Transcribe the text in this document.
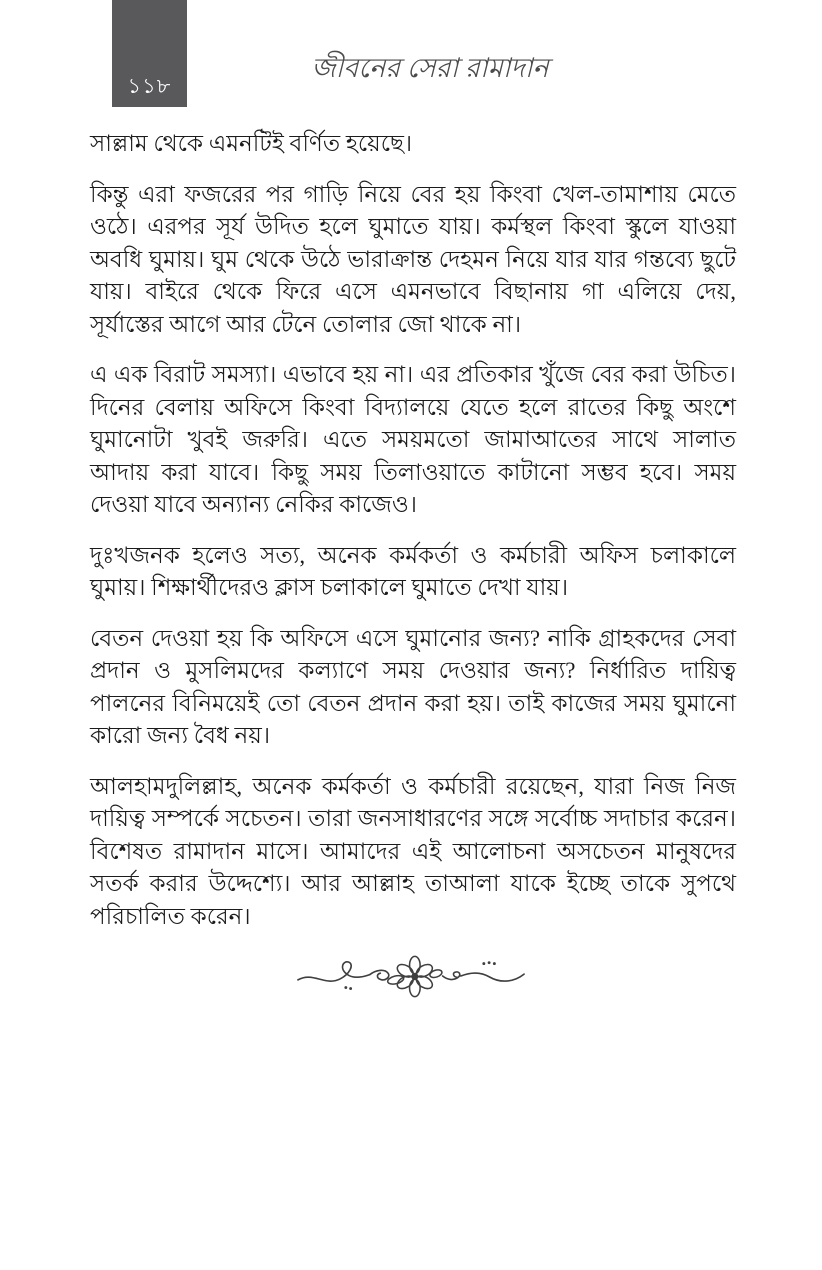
১১৮
জীবনের সেরা রামাদান

সাল্লাম থেকে এমনটিই বর্ণিত হয়েছে।

কিন্তু এরা ফজরের পর গাড়ি নিয়ে বের হয় কিংবা খেল-তামাশায় মেতে ওঠে। এরপর সূর্য উদিত হলে ঘুমাতে যায়। কর্মস্থল কিংবা স্কুলে যাওয়া অবধি ঘুমায়। ঘুম থেকে উঠে ভারাক্রান্ত দেহমন নিয়ে যার যার গন্তব্যে ছুটে যায়। বাইরে থেকে ফিরে এসে এমনভাবে বিছানায় গা এলিয়ে দেয়, সূর্যাস্তের আগে আর টেনে তোলার জো থাকে না।

এ এক বিরাট সমস্যা। এভাবে হয় না। এর প্রতিকার খুঁজে বের করা উচিত। দিনের বেলায় অফিসে কিংবা বিদ্যালয়ে যেতে হলে রাতের কিছু অংশে ঘুমানোটা খুবই জরুরি। এতে সময়মতো জামাআতের সাথে সালাত আদায় করা যাবে। কিছু সময় তিলাওয়াতে কাটানো সম্ভব হবে। সময় দেওয়া যাবে অন্যান্য নেকির কাজেও।

দুঃখজনক হলেও সত্য, অনেক কর্মকর্তা ও কর্মচারী অফিস চলাকালে ঘুমায়। শিক্ষার্থীদেরও ক্লাস চলাকালে ঘুমাতে দেখা যায়।

বেতন দেওয়া হয় কি অফিসে এসে ঘুমানোর জন্য? নাকি গ্রাহকদের সেবা প্রদান ও মুসলিমদের কল্যাণে সময় দেওয়ার জন্য? নির্ধারিত দায়িত্ব পালনের বিনিময়েই তো বেতন প্রদান করা হয়। তাই কাজের সময় ঘুমানো কারো জন্য বৈধ নয়।

আলহামদুলিল্লাহ, অনেক কর্মকর্তা ও কর্মচারী রয়েছেন, যারা নিজ নিজ দায়িত্ব সম্পর্কে সচেতন। তারা জনসাধারণের সঙ্গে সর্বোচ্চ সদাচার করেন। বিশেষত রামাদান মাসে। আমাদের এই আলোচনা অসচেতন মানুষদের সতর্ক করার উদ্দেশ্যে। আর আল্লাহ তাআলা যাকে ইচ্ছে তাকে সুপথে পরিচালিত করেন।
